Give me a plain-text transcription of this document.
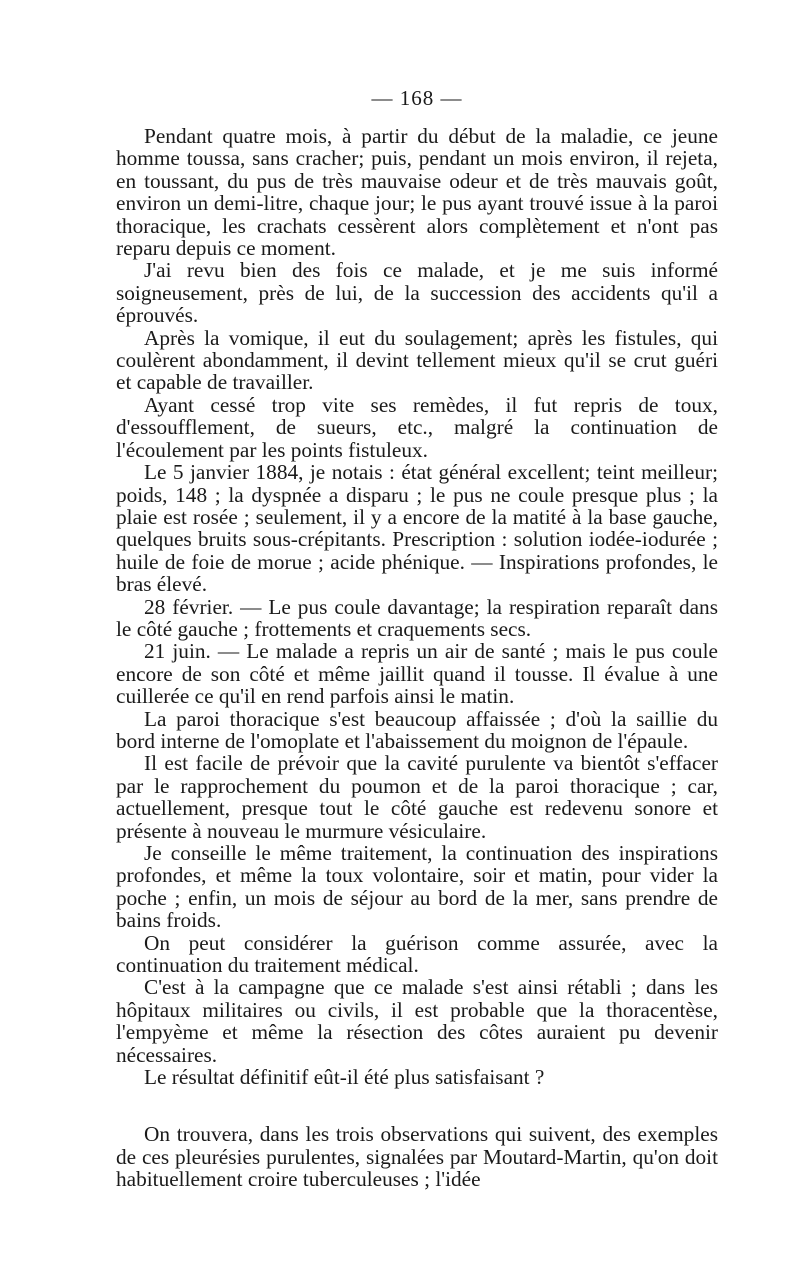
— 168 —

Pendant quatre mois, à partir du début de la maladie, ce jeune homme toussa, sans cracher; puis, pendant un mois environ, il rejeta, en toussant, du pus de très mauvaise odeur et de très mauvais goût, environ un demi-litre, chaque jour; le pus ayant trouvé issue à la paroi thoracique, les crachats cessèrent alors complètement et n'ont pas reparu depuis ce moment.

J'ai revu bien des fois ce malade, et je me suis informé soigneusement, près de lui, de la succession des accidents qu'il a éprouvés.

Après la vomique, il eut du soulagement; après les fistules, qui coulèrent abondamment, il devint tellement mieux qu'il se crut guéri et capable de travailler.

Ayant cessé trop vite ses remèdes, il fut repris de toux, d'essoufflement, de sueurs, etc., malgré la continuation de l'écoulement par les points fistuleux.

Le 5 janvier 1884, je notais : état général excellent; teint meilleur; poids, 148 ; la dyspnée a disparu ; le pus ne coule presque plus ; la plaie est rosée ; seulement, il y a encore de la matité à la base gauche, quelques bruits sous-crépitants. Prescription : solution iodée-iodurée ; huile de foie de morue ; acide phénique. — Inspirations profondes, le bras élevé.

28 février. — Le pus coule davantage; la respiration reparaît dans le côté gauche ; frottements et craquements secs.

21 juin. — Le malade a repris un air de santé ; mais le pus coule encore de son côté et même jaillit quand il tousse. Il évalue à une cuillerée ce qu'il en rend parfois ainsi le matin.

La paroi thoracique s'est beaucoup affaissée ; d'où la saillie du bord interne de l'omoplate et l'abaissement du moignon de l'épaule.

Il est facile de prévoir que la cavité purulente va bientôt s'effacer par le rapprochement du poumon et de la paroi thoracique ; car, actuellement, presque tout le côté gauche est redevenu sonore et présente à nouveau le murmure vésiculaire.

Je conseille le même traitement, la continuation des inspirations profondes, et même la toux volontaire, soir et matin, pour vider la poche ; enfin, un mois de séjour au bord de la mer, sans prendre de bains froids.

On peut considérer la guérison comme assurée, avec la continuation du traitement médical.

C'est à la campagne que ce malade s'est ainsi rétabli ; dans les hôpitaux militaires ou civils, il est probable que la thoracentèse, l'empyème et même la résection des côtes auraient pu devenir nécessaires.

Le résultat définitif eût-il été plus satisfaisant ?

On trouvera, dans les trois observations qui suivent, des exemples de ces pleurésies purulentes, signalées par Moutard-Martin, qu'on doit habituellement croire tuberculeuses ; l'idée
